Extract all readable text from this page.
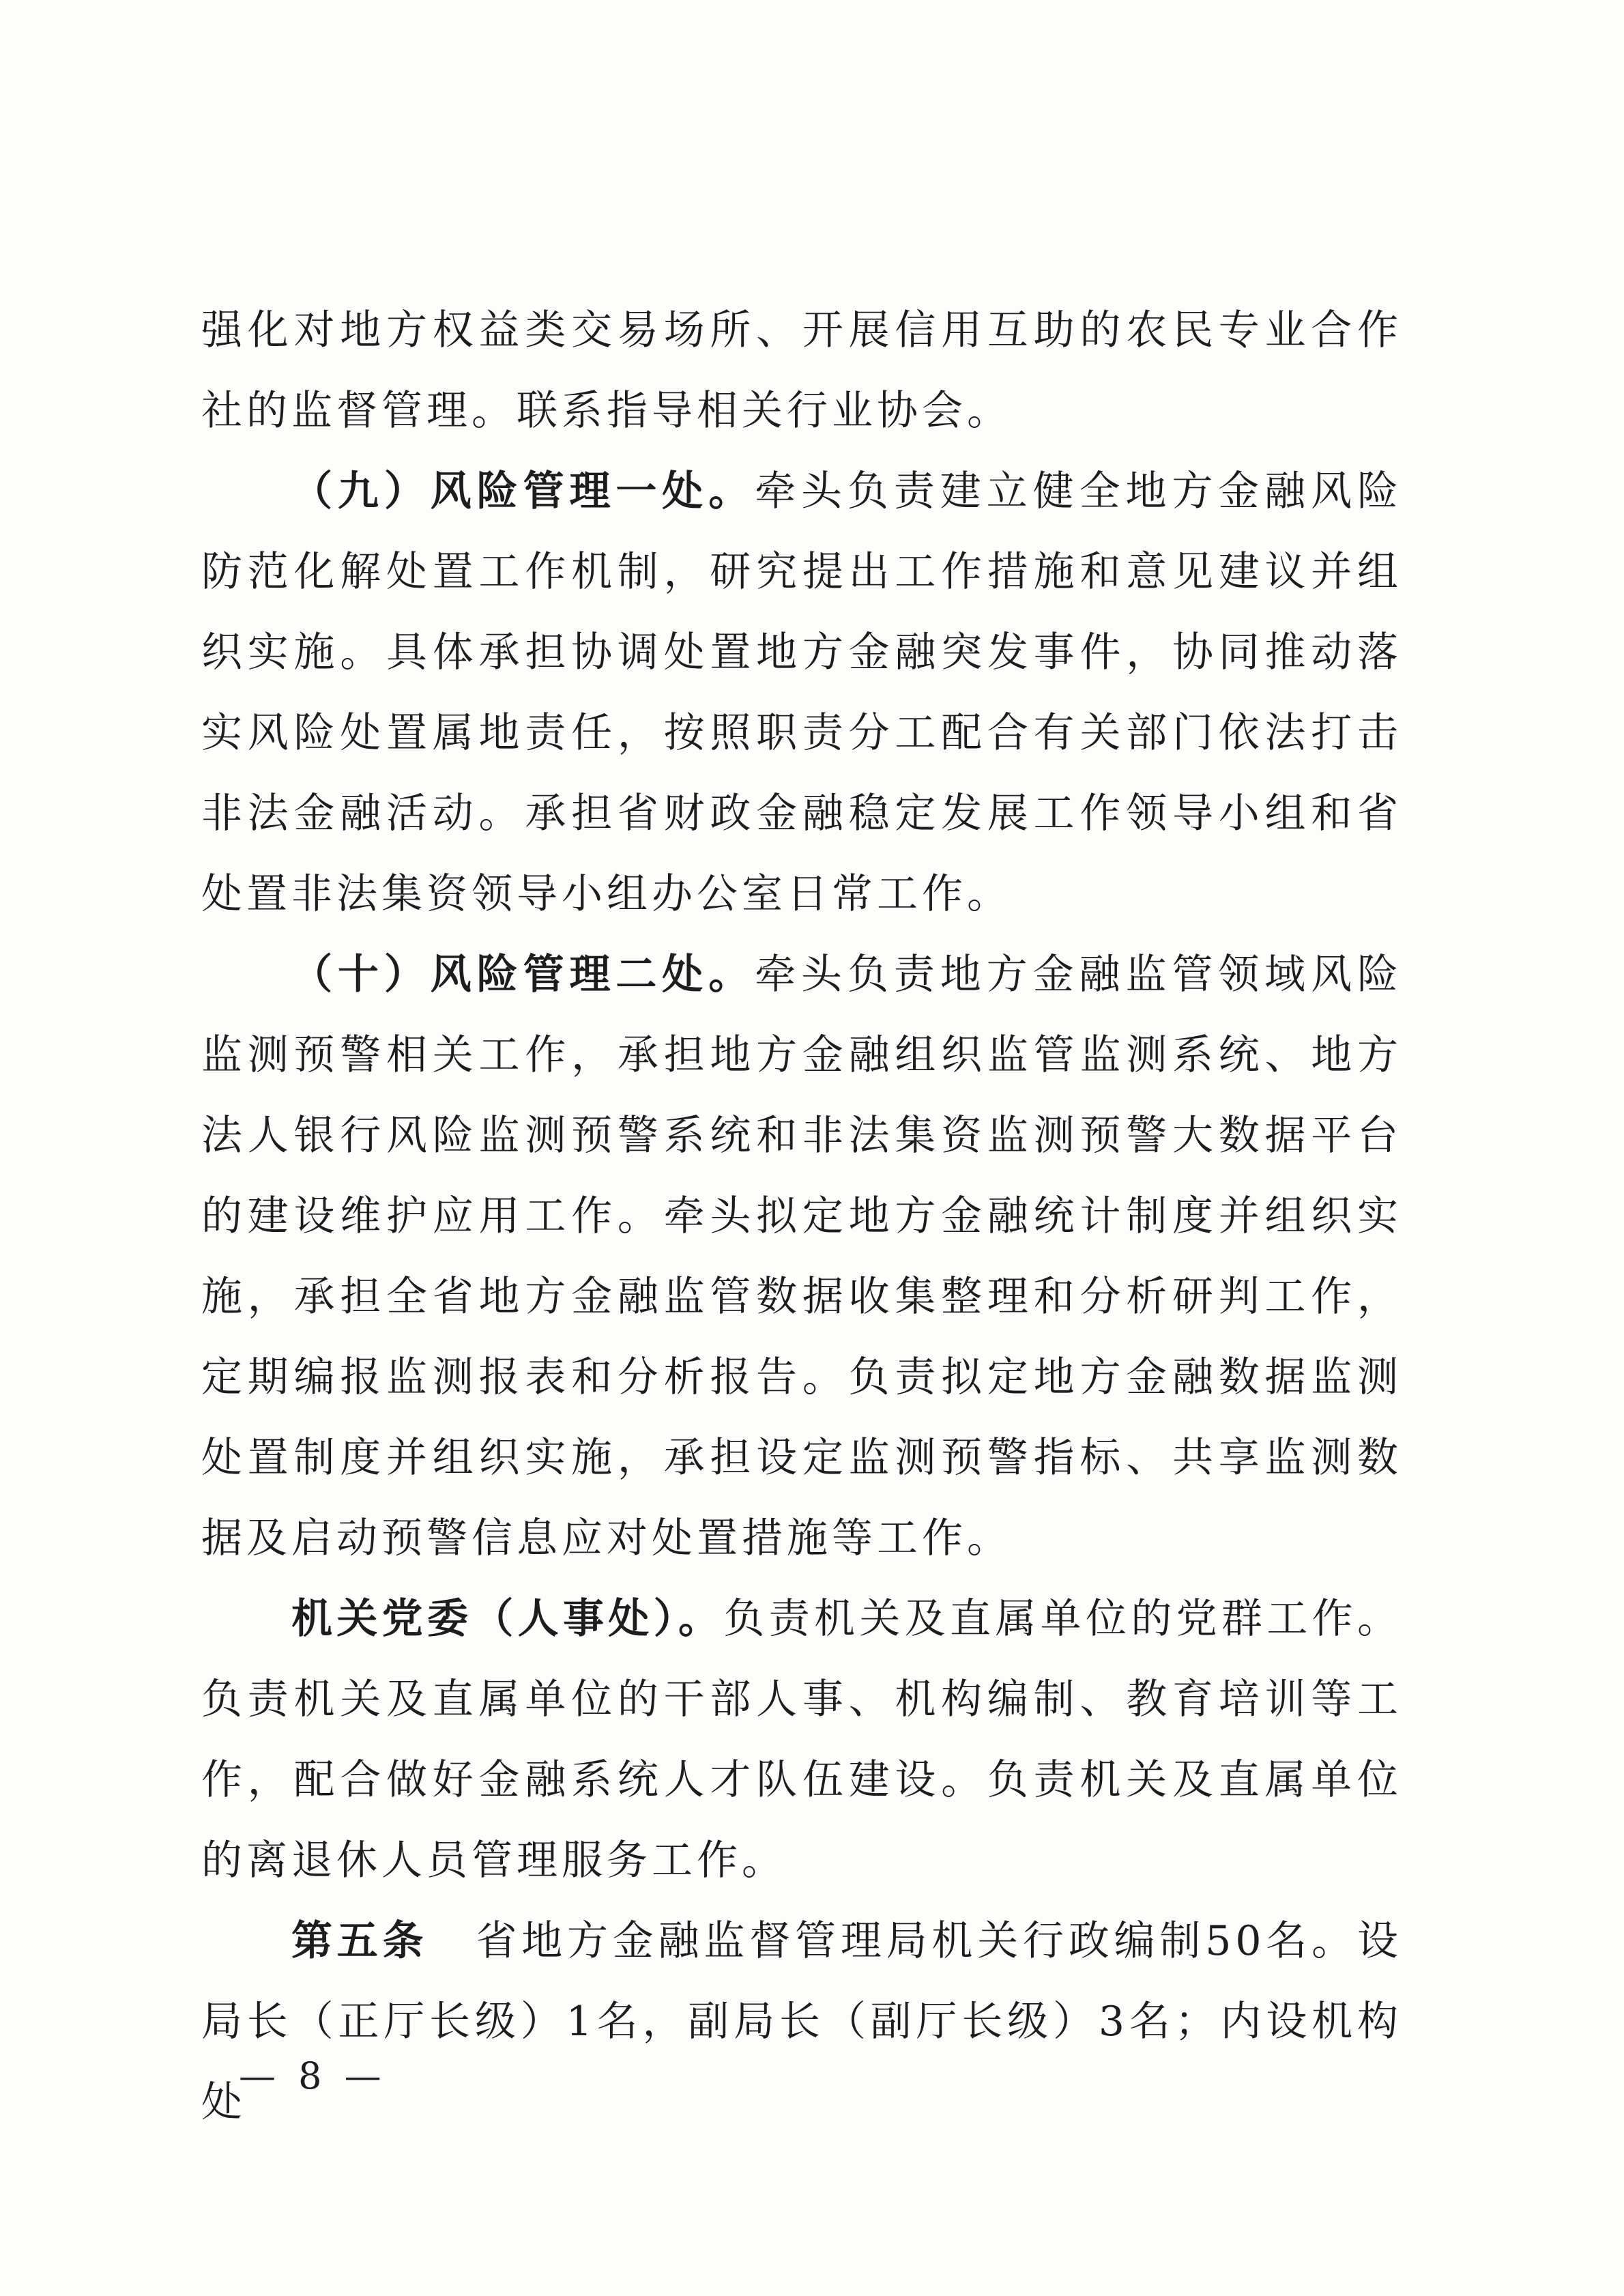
强化对地方权益类交易场所、开展信用互助的农民专业合作社的监督管理。联系指导相关行业协会。

（九）风险管理一处。牵头负责建立健全地方金融风险防范化解处置工作机制，研究提出工作措施和意见建议并组织实施。具体承担协调处置地方金融突发事件，协同推动落实风险处置属地责任，按照职责分工配合有关部门依法打击非法金融活动。承担省财政金融稳定发展工作领导小组和省处置非法集资领导小组办公室日常工作。

（十）风险管理二处。牵头负责地方金融监管领域风险监测预警相关工作，承担地方金融组织监管监测系统、地方法人银行风险监测预警系统和非法集资监测预警大数据平台的建设维护应用工作。牵头拟定地方金融统计制度并组织实施，承担全省地方金融监管数据收集整理和分析研判工作，定期编报监测报表和分析报告。负责拟定地方金融数据监测处置制度并组织实施，承担设定监测预警指标、共享监测数据及启动预警信息应对处置措施等工作。

机关党委（人事处）。负责机关及直属单位的党群工作。负责机关及直属单位的干部人事、机构编制、教育培训等工作，配合做好金融系统人才队伍建设。负责机关及直属单位的离退休人员管理服务工作。

第五条 省地方金融监督管理局机关行政编制50名。设局长（正厅长级）1名，副局长（副厅长级）3名；内设机构处

— 8 —
